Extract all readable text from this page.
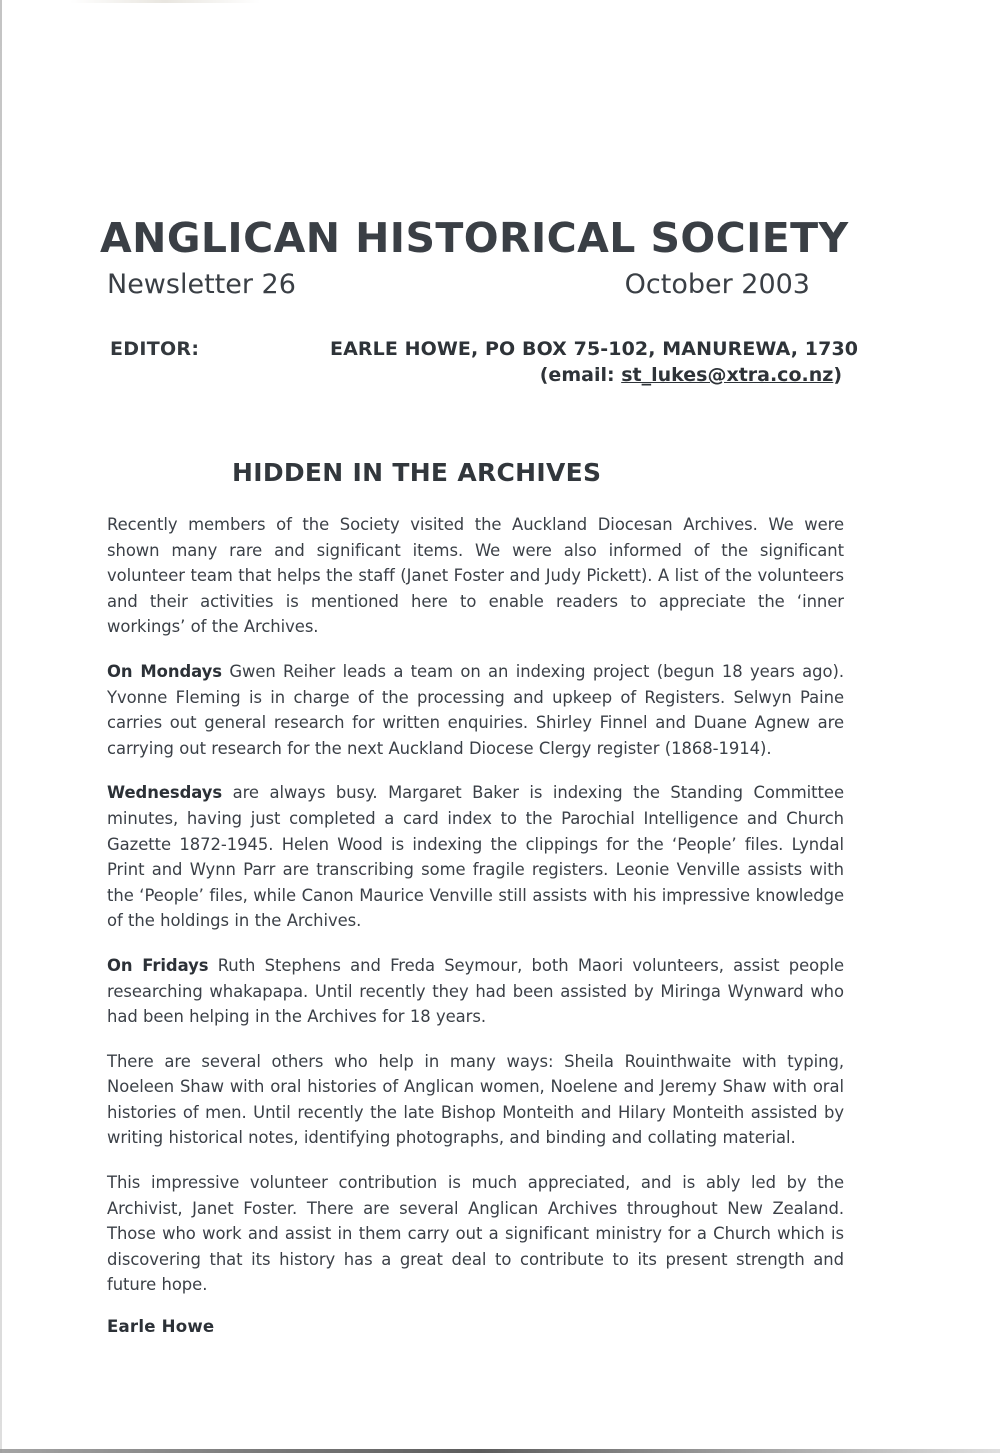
ANGLICAN HISTORICAL SOCIETY
Newsletter 26	October 2003
EDITOR:	EARLE HOWE, PO BOX 75-102, MANUREWA, 1730
(email: st_lukes@xtra.co.nz)
HIDDEN IN THE ARCHIVES

Recently members of the Society visited the Auckland Diocesan Archives. We were shown many rare and significant items. We were also informed of the significant volunteer team that helps the staff (Janet Foster and Judy Pickett). A list of the volunteers and their activities is mentioned here to enable readers to appreciate the ‘inner workings’ of the Archives.

On Mondays Gwen Reiher leads a team on an indexing project (begun 18 years ago). Yvonne Fleming is in charge of the processing and upkeep of Registers. Selwyn Paine carries out general research for written enquiries. Shirley Finnel and Duane Agnew are carrying out research for the next Auckland Diocese Clergy register (1868-1914).

Wednesdays are always busy. Margaret Baker is indexing the Standing Committee minutes, having just completed a card index to the Parochial Intelligence and Church Gazette 1872-1945. Helen Wood is indexing the clippings for the ‘People’ files. Lyndal Print and Wynn Parr are transcribing some fragile registers. Leonie Venville assists with the ‘People’ files, while Canon Maurice Venville still assists with his impressive knowledge of the holdings in the Archives.

On Fridays Ruth Stephens and Freda Seymour, both Maori volunteers, assist people researching whakapapa. Until recently they had been assisted by Miringa Wynward who had been helping in the Archives for 18 years.

There are several others who help in many ways: Sheila Rouinthwaite with typing, Noeleen Shaw with oral histories of Anglican women, Noelene and Jeremy Shaw with oral histories of men. Until recently the late Bishop Monteith and Hilary Monteith assisted by writing historical notes, identifying photographs, and binding and collating material.

This impressive volunteer contribution is much appreciated, and is ably led by the Archivist, Janet Foster. There are several Anglican Archives throughout New Zealand. Those who work and assist in them carry out a significant ministry for a Church which is discovering that its history has a great deal to contribute to its present strength and future hope.

Earle Howe
